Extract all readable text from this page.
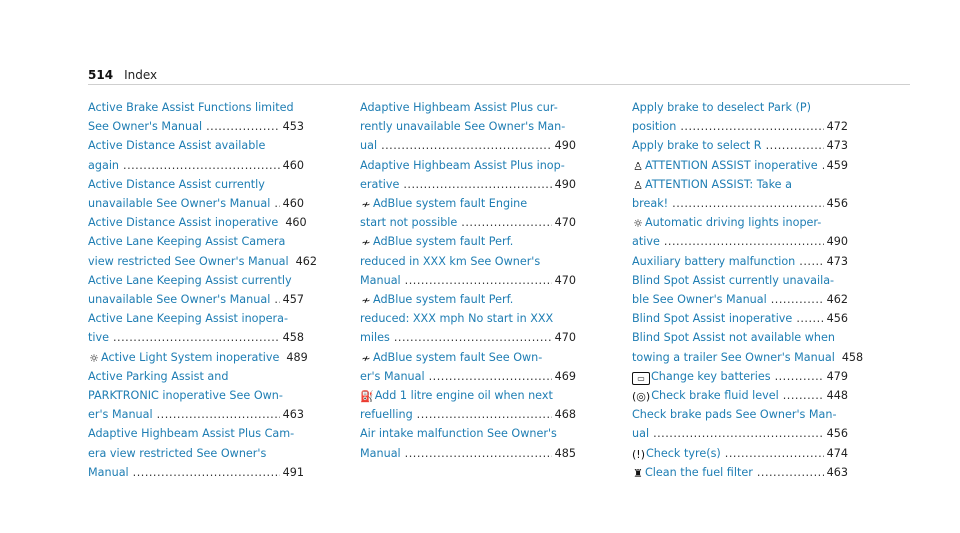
514 Index
Active Brake Assist Functions limited
See Owner's Manual .....	453
Active Distance Assist available
again .....	460
Active Distance Assist currently
unavailable See Owner's Manual ..... 460
Active Distance Assist inoperative 460
Active Lane Keeping Assist Camera
view restricted See Owner's Manual 462
Active Lane Keeping Assist currently
unavailable See Owner's Manual ..... 457
Active Lane Keeping Assist inopera-
tive .....	458
☼ Active Light System inoperative 489
Active Parking Assist and
PARKTRONIC inoperative See Own-
er's Manual .....	463
Adaptive Highbeam Assist Plus Cam-
era view restricted See Owner's
Manual .....	491
Adaptive Highbeam Assist Plus cur-
rently unavailable See Owner's Man-
ual .....	490
Adaptive Highbeam Assist Plus inop-
erative .....	490
≁ AdBlue system fault Engine
start not possible .....	470
≁ AdBlue system fault Perf.
reduced in XXX km See Owner's
Manual .....	470
≁ AdBlue system fault Perf.
reduced: XXX mph No start in XXX
miles .....	470
≁ AdBlue system fault See Own-
er's Manual .....	469
⛽Add 1 litre engine oil when next
refuelling .....	468
Air intake malfunction See Owner's
Manual .....	485
Apply brake to deselect Park (P)
position .....	472
Apply brake to select R .....	473
♙ ATTENTION ASSIST inoperative ..... 459
♙ ATTENTION ASSIST: Take a
break! .....	456
☼ Automatic driving lights inoper-
ative .....	490
Auxiliary battery malfunction .....	473
Blind Spot Assist currently unavaila-
ble See Owner's Manual .....	462
Blind Spot Assist inoperative .....	456
Blind Spot Assist not available when
towing a trailer See Owner's Manual 458
▭ Change key batteries .....	479
(◎)Check brake fluid level .....	448
Check brake pads See Owner's Man-
ual .....	456
(!)Check tyre(s) .....	474
♜ Clean the fuel filter .....	463
